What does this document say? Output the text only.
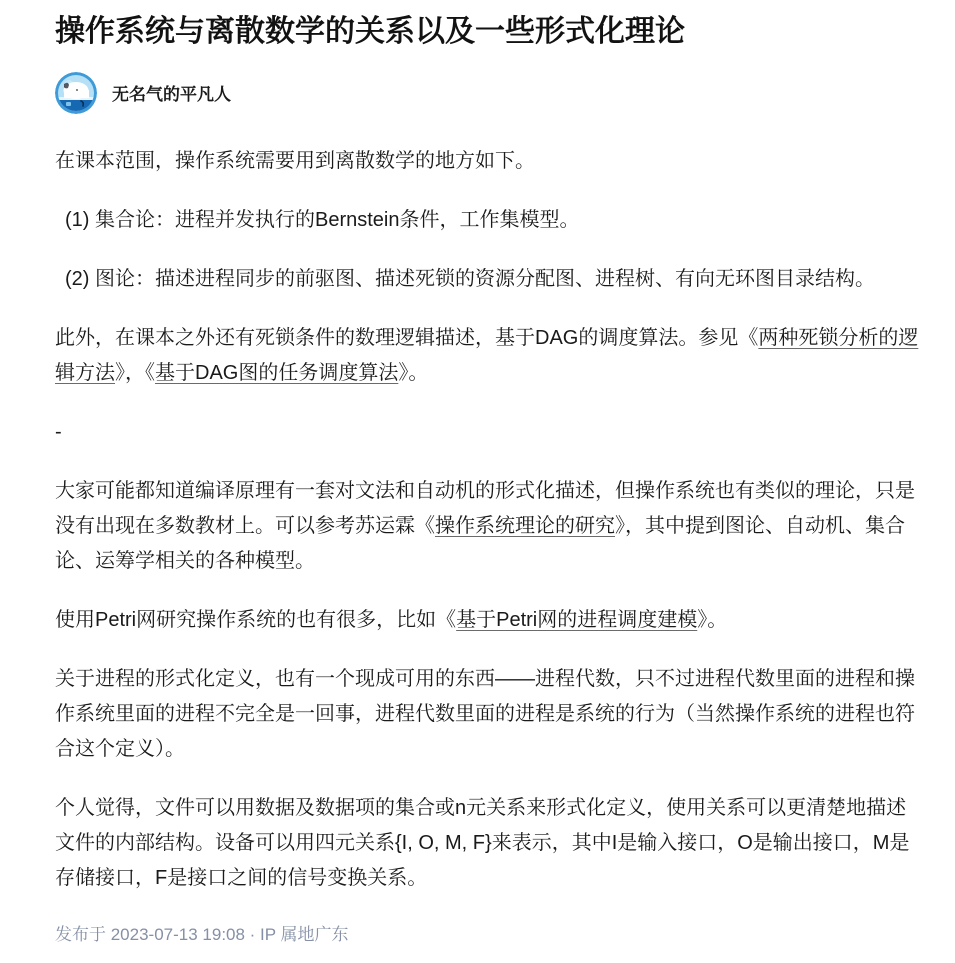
操作系统与离散数学的关系以及一些形式化理论
无名气的平凡人

在课本范围，操作系统需要用到离散数学的地方如下。

(1) 集合论：进程并发执行的Bernstein条件，工作集模型。

(2) 图论：描述进程同步的前驱图、描述死锁的资源分配图、进程树、有向无环图目录结构。

此外，在课本之外还有死锁条件的数理逻辑描述，基于DAG的调度算法。参见《两种死锁分析的逻辑方法》，《基于DAG图的任务调度算法》。

-

大家可能都知道编译原理有一套对文法和自动机的形式化描述，但操作系统也有类似的理论，只是没有出现在多数教材上。可以参考苏运霖《操作系统理论的研究》，其中提到图论、自动机、集合论、运筹学相关的各种模型。

使用Petri网研究操作系统的也有很多，比如《基于Petri网的进程调度建模》。

关于进程的形式化定义，也有一个现成可用的东西——进程代数，只不过进程代数里面的进程和操作系统里面的进程不完全是一回事，进程代数里面的进程是系统的行为（当然操作系统的进程也符合这个定义）。

个人觉得，文件可以用数据及数据项的集合或n元关系来形式化定义，使用关系可以更清楚地描述文件的内部结构。设备可以用四元关系{I, O, M, F}来表示，其中I是输入接口，O是输出接口，M是存储接口，F是接口之间的信号变换关系。

发布于 2023-07-13 19:08 · IP 属地广东
